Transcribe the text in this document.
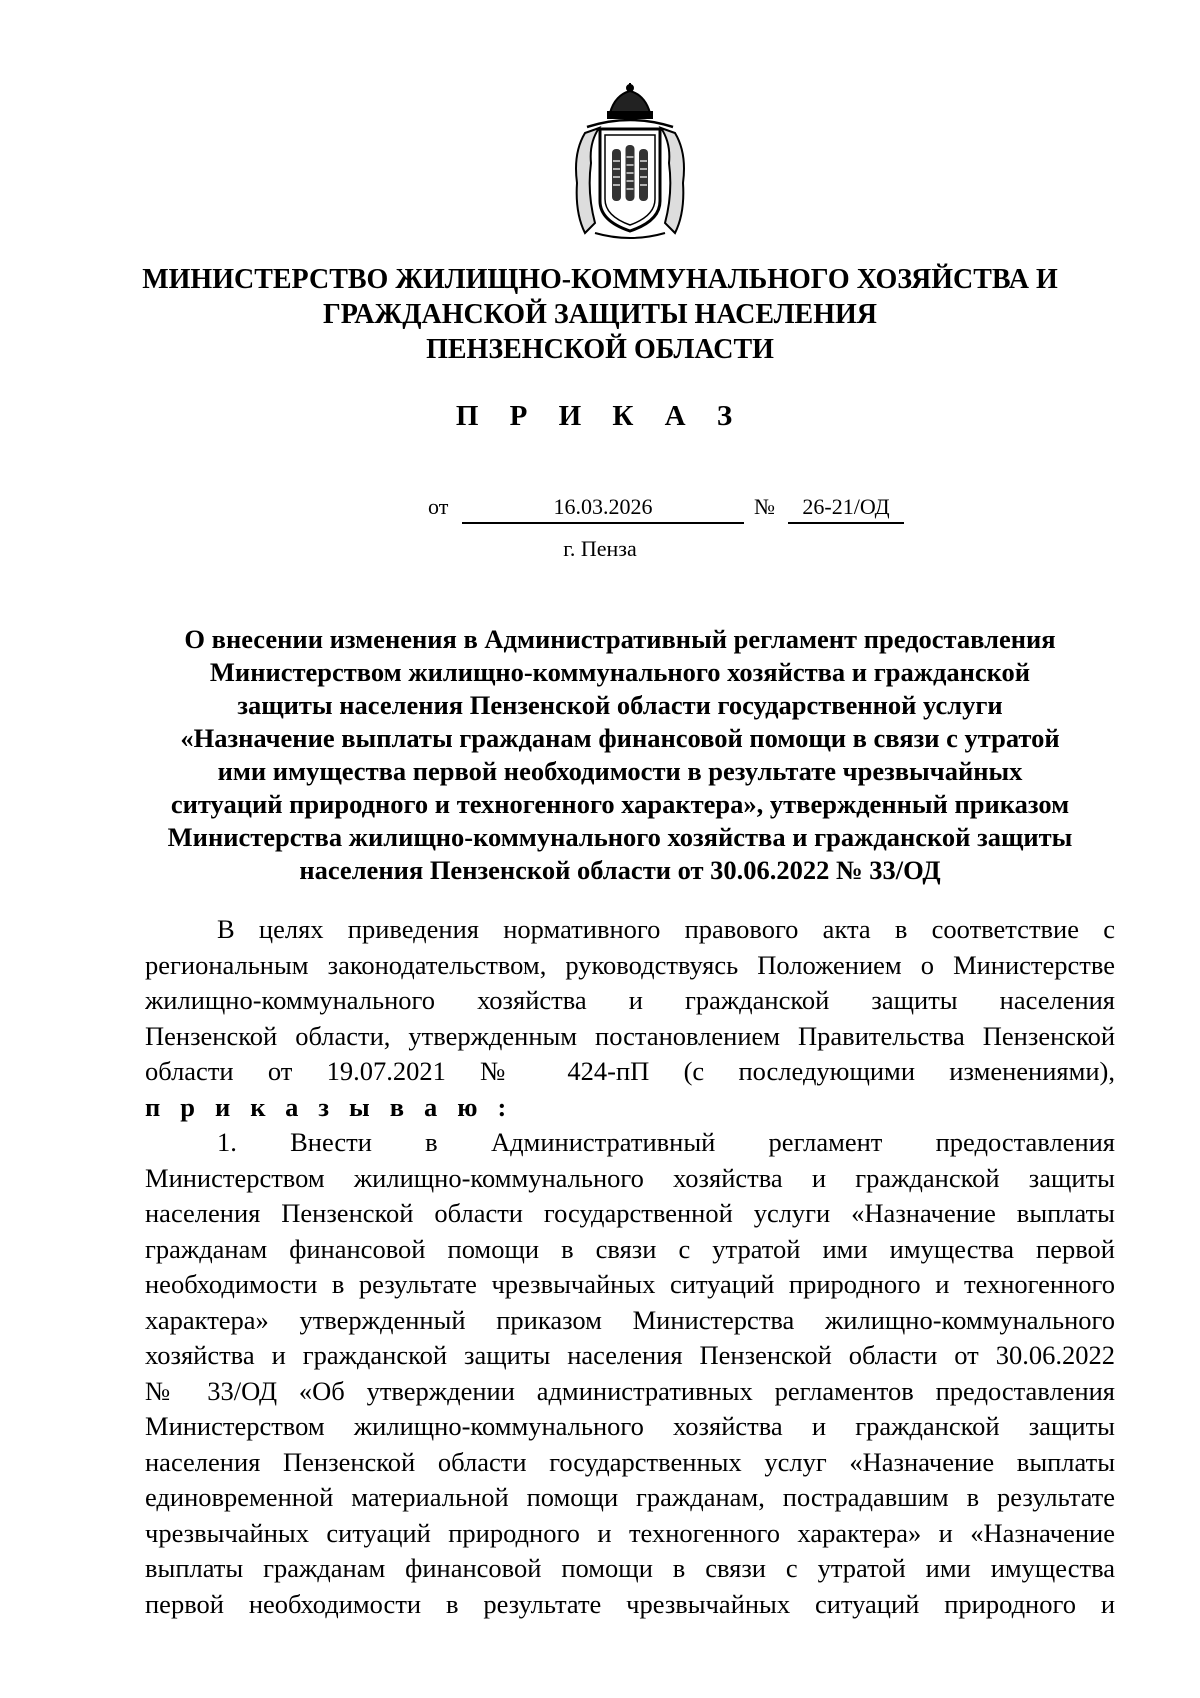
МИНИСТЕРСТВО ЖИЛИЩНО-КОММУНАЛЬНОГО ХОЗЯЙСТВА И
ГРАЖДАНСКОЙ ЗАЩИТЫ НАСЕЛЕНИЯ
ПЕНЗЕНСКОЙ ОБЛАСТИ
П Р И К А З
от	16.03.2026	№	26-21/ОД
г. Пенза
О внесении изменения в Административный регламент предоставления
Министерством жилищно-коммунального хозяйства и гражданской
защиты населения Пензенской области государственной услуги
«Назначение выплаты гражданам финансовой помощи в связи с утратой
ими имущества первой необходимости в результате чрезвычайных
ситуаций природного и техногенного характера», утвержденный приказом
Министерства жилищно-коммунального хозяйства и гражданской защиты
населения Пензенской области от 30.06.2022 № 33/ОД
В целях приведения нормативного правового акта в соответствие с
региональным законодательством, руководствуясь Положением о Министерстве
жилищно-коммунального хозяйства и гражданской защиты населения
Пензенской области, утвержденным постановлением Правительства Пензенской
области от 19.07.2021 № 424-пП (с последующими изменениями),
приказываю:
1. Внести в Административный регламент предоставления
Министерством жилищно-коммунального хозяйства и гражданской защиты
населения Пензенской области государственной услуги «Назначение выплаты
гражданам финансовой помощи в связи с утратой ими имущества первой
необходимости в результате чрезвычайных ситуаций природного и техногенного
характера» утвержденный приказом Министерства жилищно-коммунального
хозяйства и гражданской защиты населения Пензенской области от 30.06.2022
№ 33/ОД «Об утверждении административных регламентов предоставления
Министерством жилищно-коммунального хозяйства и гражданской защиты
населения Пензенской области государственных услуг «Назначение выплаты
единовременной материальной помощи гражданам, пострадавшим в результате
чрезвычайных ситуаций природного и техногенного характера» и «Назначение
выплаты гражданам финансовой помощи в связи с утратой ими имущества
первой необходимости в результате чрезвычайных ситуаций природного и
